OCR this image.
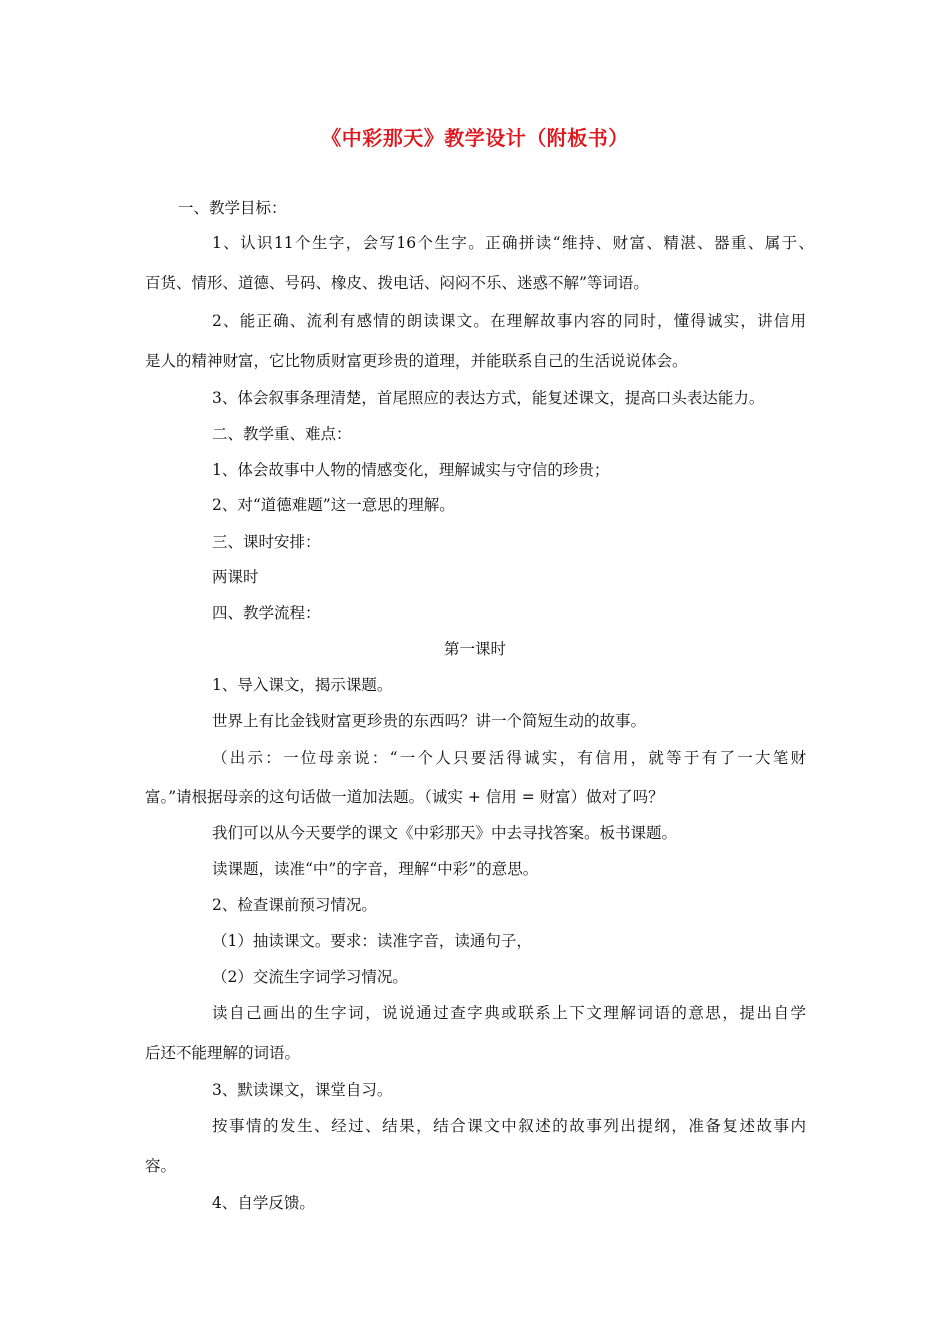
《中彩那天》教学设计（附板书）
一、教学目标：
1、认识11个生字，会写16个生字。正确拼读“维持、财富、精湛、器重、属于、
百货、情形、道德、号码、橡皮、拨电话、闷闷不乐、迷惑不解”等词语。
2、能正确、流利有感情的朗读课文。在理解故事内容的同时，懂得诚实，讲信用
是人的精神财富，它比物质财富更珍贵的道理，并能联系自己的生活说说体会。
3、体会叙事条理清楚，首尾照应的表达方式，能复述课文，提高口头表达能力。
二、教学重、难点：
1、体会故事中人物的情感变化，理解诚实与守信的珍贵；
2、对“道德难题”这一意思的理解。
三、课时安排：
两课时
四、教学流程：
第一课时
1、导入课文，揭示课题。
世界上有比金钱财富更珍贵的东西吗？讲一个简短生动的故事。
（出示：一位母亲说：“一个人只要活得诚实，有信用，就等于有了一大笔财
富。”请根据母亲的这句话做一道加法题。（诚实 + 信用 = 财富）做对了吗？
我们可以从今天要学的课文《中彩那天》中去寻找答案。板书课题。
读课题，读准“中”的字音，理解“中彩”的意思。
2、检查课前预习情况。
（1）抽读课文。要求：读准字音，读通句子，
（2）交流生字词学习情况。
读自己画出的生字词，说说通过查字典或联系上下文理解词语的意思，提出自学
后还不能理解的词语。
3、默读课文，课堂自习。
按事情的发生、经过、结果，结合课文中叙述的故事列出提纲，准备复述故事内
容。
4、自学反馈。
